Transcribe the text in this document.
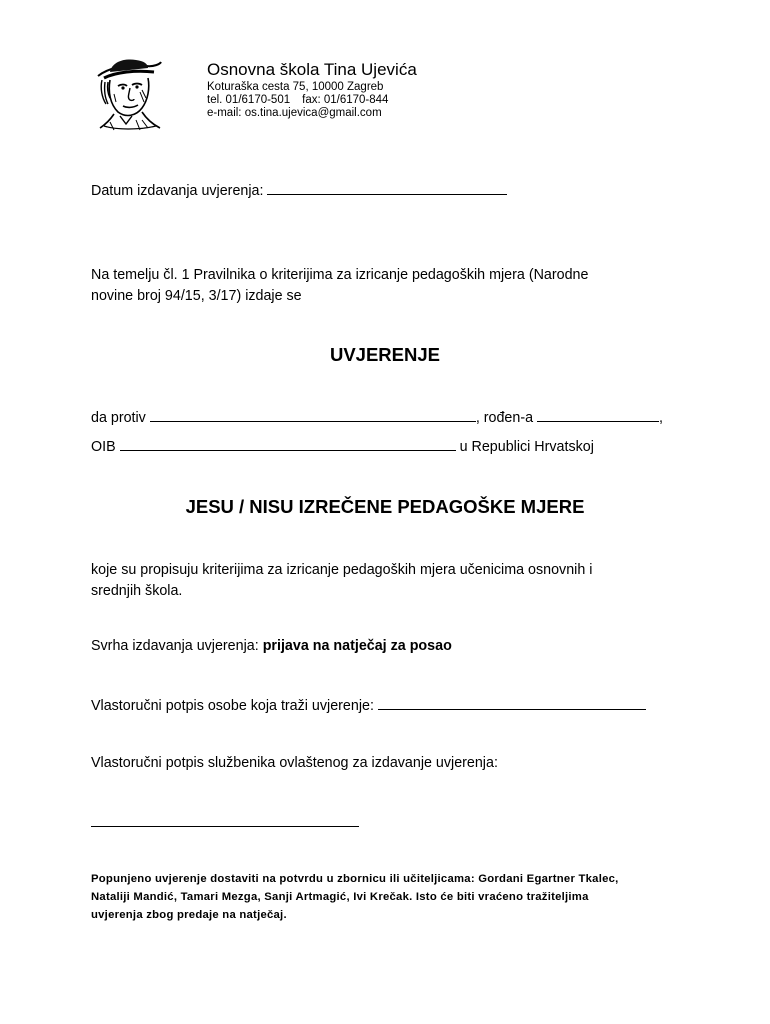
Osnovna škola Tina Ujevića
Koturaška cesta 75, 10000 Zagreb
tel. 01/6170-501 fax: 01/6170-844
e-mail: os.tina.ujevica@gmail.com
Datum izdavanja uvjerenja:
Na temelju čl. 1 Pravilnika o kriterijima za izricanje pedagoških mjera (Narodne
novine broj 94/15, 3/17) izdaje se
UVJERENJE
da protiv	, rođen-a	,
OIB	u Republici Hrvatskoj
JESU / NISU IZREČENE PEDAGOŠKE MJERE
koje su propisuju kriterijima za izricanje pedagoških mjera učenicima osnovnih i
srednjih škola.
Svrha izdavanja uvjerenja: prijava na natječaj za posao
Vlastoručni potpis osobe koja traži uvjerenje:
Vlastoručni potpis službenika ovlaštenog za izdavanje uvjerenja:
Popunjeno uvjerenje dostaviti na potvrdu u zbornicu ili učiteljicama: Gordani Egartner Tkalec,
Nataliji Mandić, Tamari Mezga, Sanji Artmagić, Ivi Krečak. Isto će biti vraćeno tražiteljima
uvjerenja zbog predaje na natječaj.
